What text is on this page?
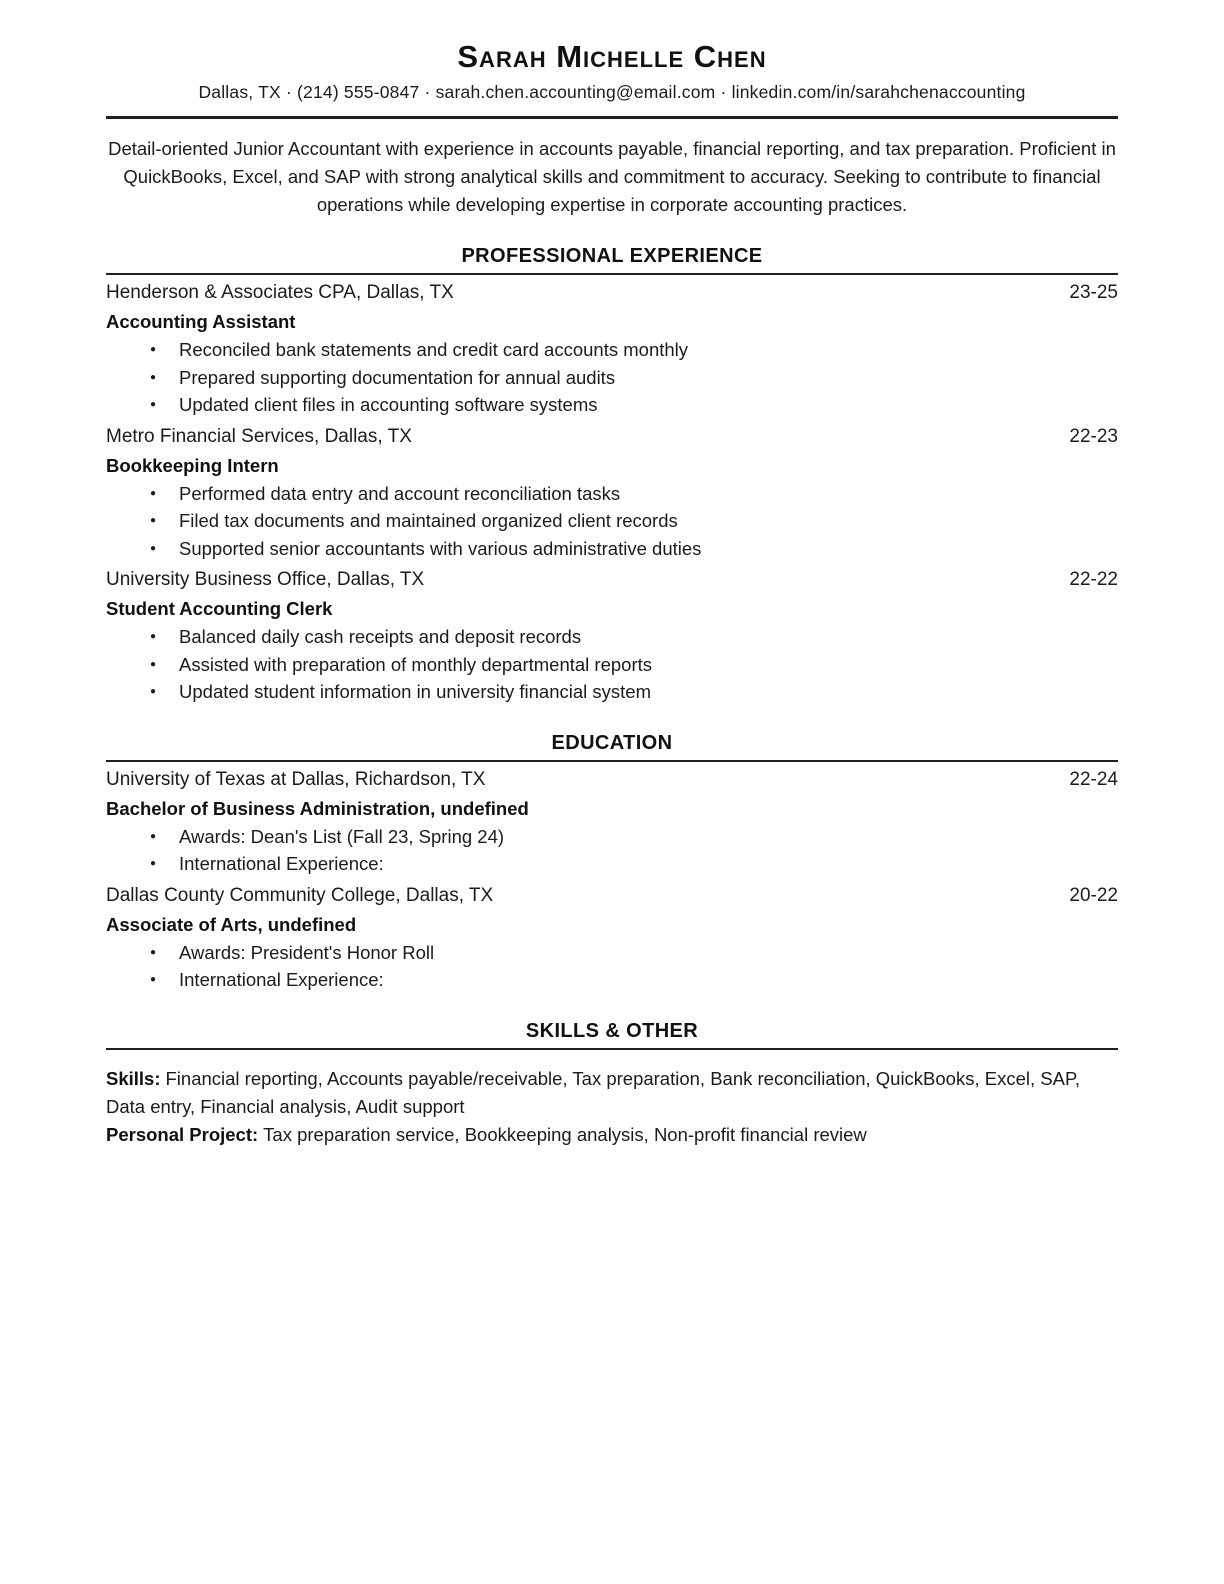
Sarah Michelle Chen
Dallas, TX · (214) 555-0847 · sarah.chen.accounting@email.com · linkedin.com/in/sarahchenaccounting

Detail-oriented Junior Accountant with experience in accounts payable, financial reporting, and tax preparation. Proficient in QuickBooks, Excel, and SAP with strong analytical skills and commitment to accuracy. Seeking to contribute to financial operations while developing expertise in corporate accounting practices.

PROFESSIONAL EXPERIENCE
Henderson & Associates CPA, Dallas, TX	23-25
Accounting Assistant
● Reconciled bank statements and credit card accounts monthly
● Prepared supporting documentation for annual audits
● Updated client files in accounting software systems
Metro Financial Services, Dallas, TX	22-23
Bookkeeping Intern
● Performed data entry and account reconciliation tasks
● Filed tax documents and maintained organized client records
● Supported senior accountants with various administrative duties
University Business Office, Dallas, TX	22-22
Student Accounting Clerk
● Balanced daily cash receipts and deposit records
● Assisted with preparation of monthly departmental reports
● Updated student information in university financial system
EDUCATION
University of Texas at Dallas, Richardson, TX	22-24
Bachelor of Business Administration, undefined
● Awards: Dean's List (Fall 23, Spring 24)
● International Experience:
Dallas County Community College, Dallas, TX	20-22
Associate of Arts, undefined
● Awards: President's Honor Roll
● International Experience:
SKILLS & OTHER

Skills: Financial reporting, Accounts payable/receivable, Tax preparation, Bank reconciliation, QuickBooks, Excel, SAP, Data entry, Financial analysis, Audit support

Personal Project: Tax preparation service, Bookkeeping analysis, Non-profit financial review
